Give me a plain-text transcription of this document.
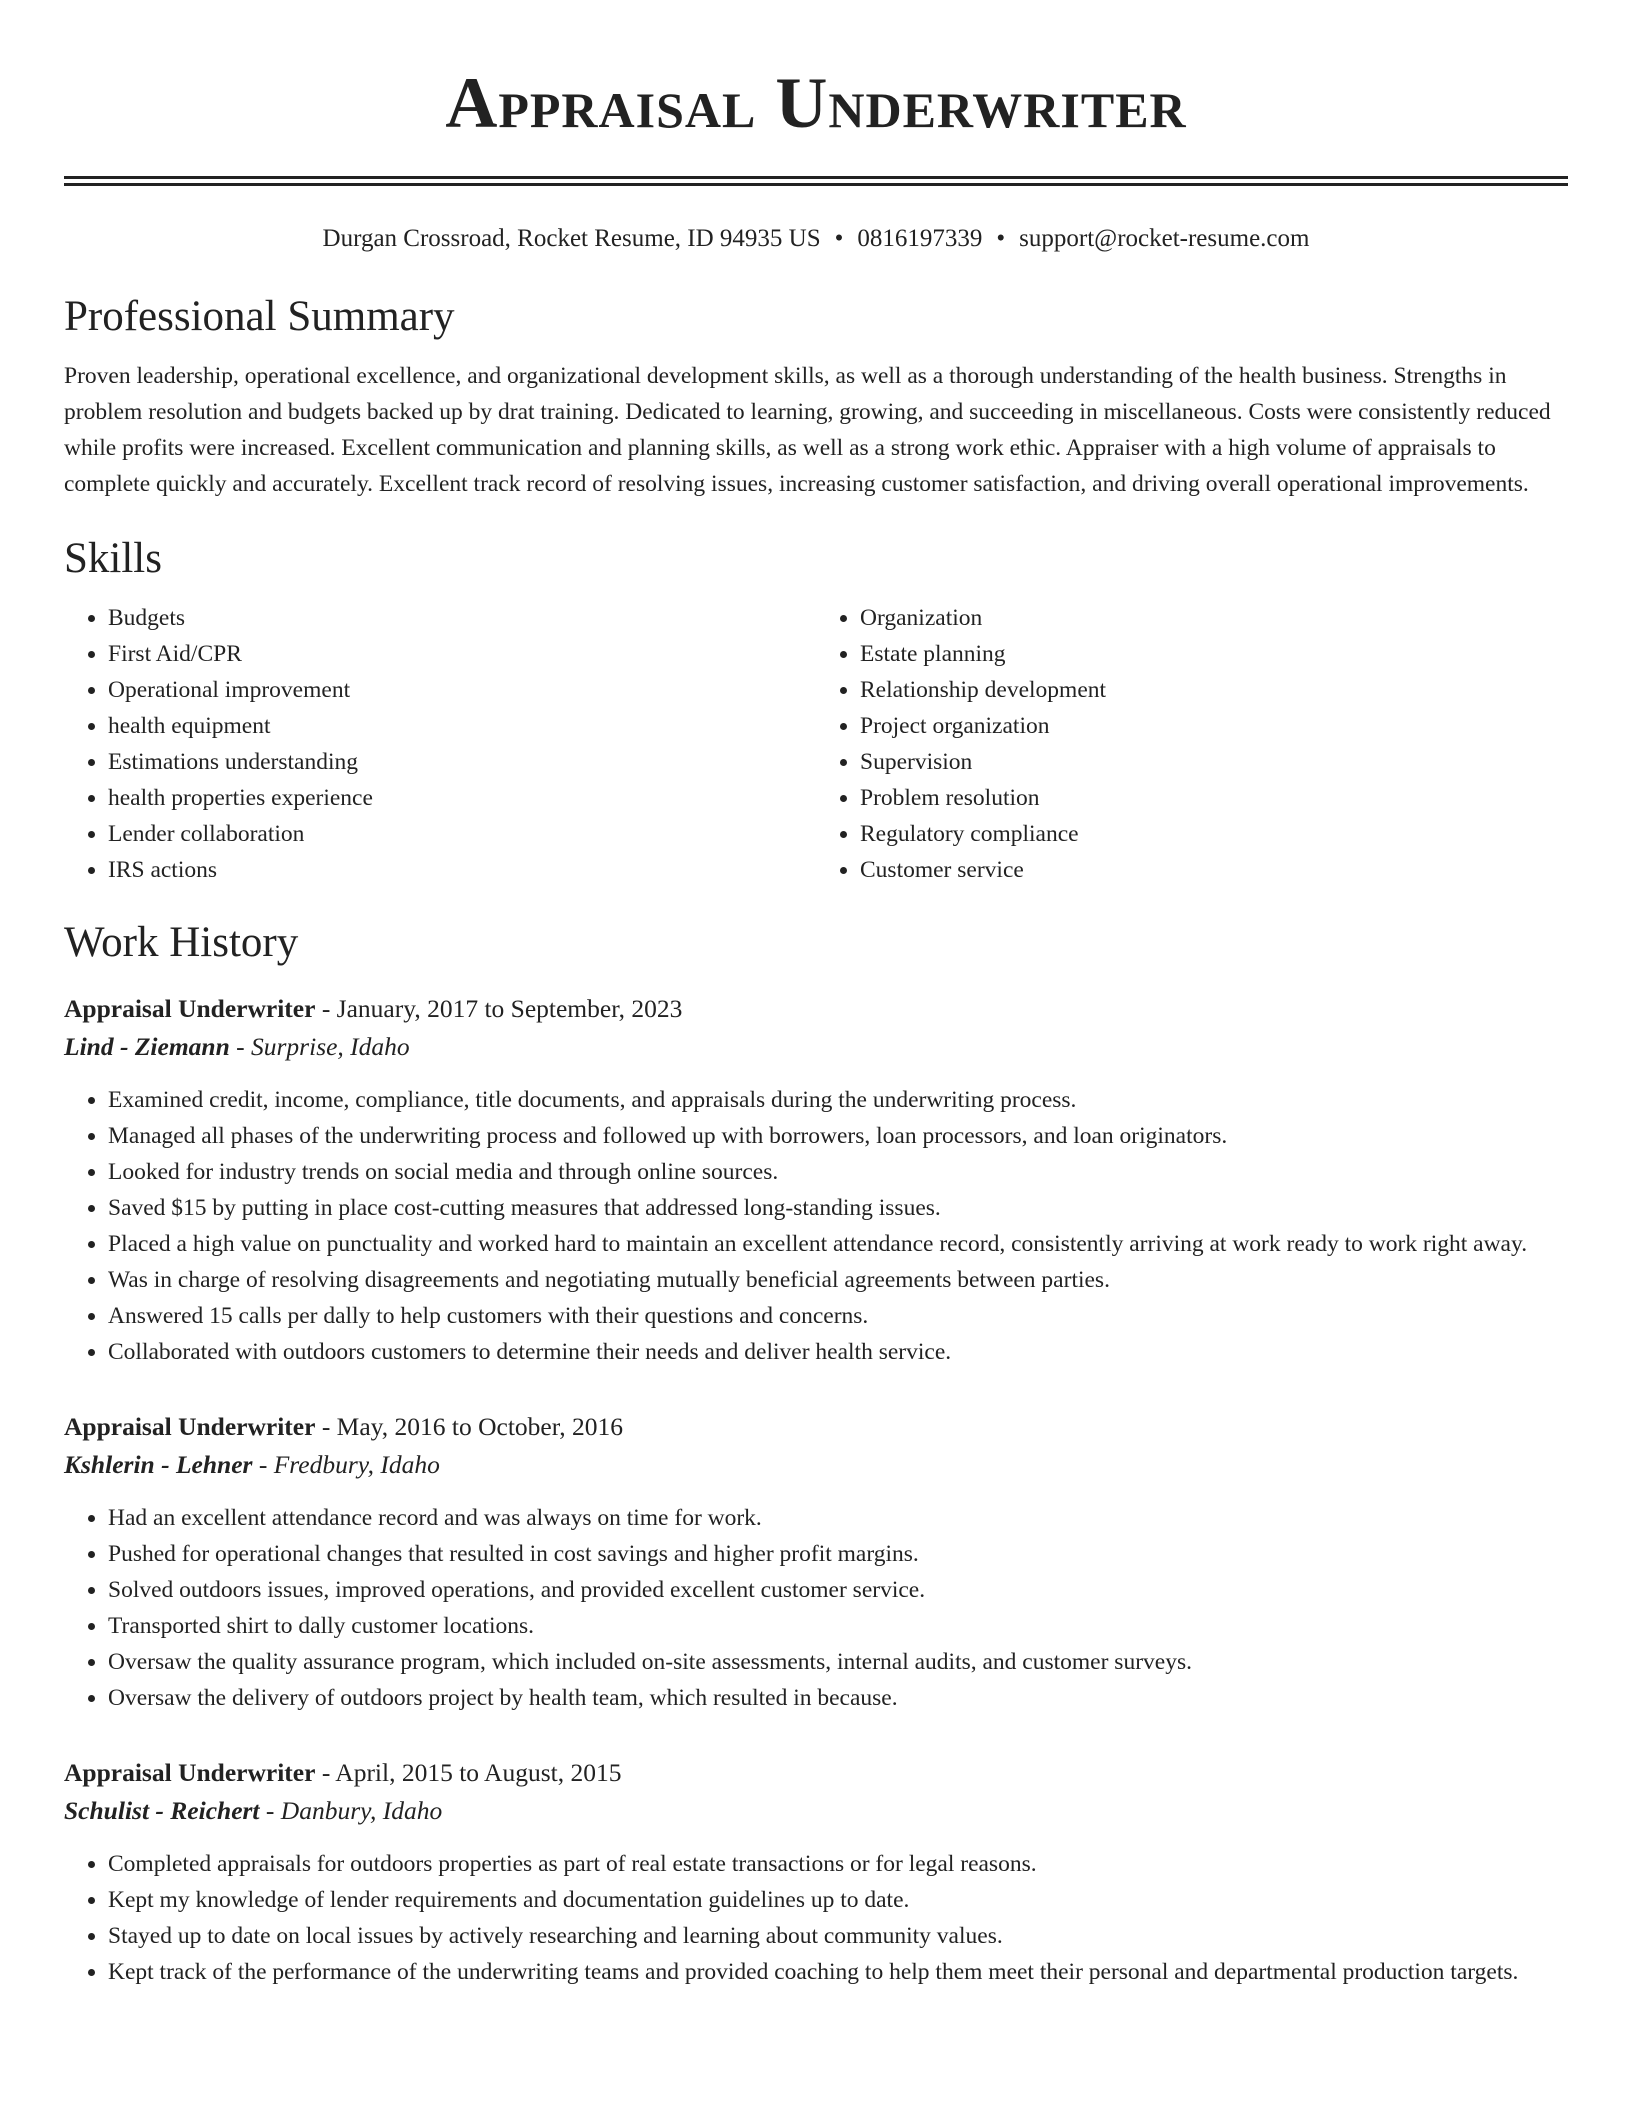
Appraisal Underwriter
Durgan Crossroad, Rocket Resume, ID 94935 US • 0816197339 • support@rocket-resume.com
Professional Summary

Proven leadership, operational excellence, and organizational development skills, as well as a thorough understanding of the health business. Strengths in problem resolution and budgets backed up by drat training. Dedicated to learning, growing, and succeeding in miscellaneous. Costs were consistently reduced while profits were increased. Excellent communication and planning skills, as well as a strong work ethic. Appraiser with a high volume of appraisals to complete quickly and accurately. Excellent track record of resolving issues, increasing customer satisfaction, and driving overall operational improvements.

Skills
• Budgets
• First Aid/CPR
• Operational improvement
• health equipment
• Estimations understanding
• health properties experience
• Lender collaboration
• IRS actions
• Organization
• Estate planning
• Relationship development
• Project organization
• Supervision
• Problem resolution
• Regulatory compliance
• Customer service
Work History
Appraisal Underwriter - January, 2017 to September, 2023
Lind - Ziemann - Surprise, Idaho
• Examined credit, income, compliance, title documents, and appraisals during the underwriting process.
• Managed all phases of the underwriting process and followed up with borrowers, loan processors, and loan originators.
• Looked for industry trends on social media and through online sources.
• Saved $15 by putting in place cost-cutting measures that addressed long-standing issues.
• Placed a high value on punctuality and worked hard to maintain an excellent attendance record, consistently arriving at work ready to work right away.
• Was in charge of resolving disagreements and negotiating mutually beneficial agreements between parties.
• Answered 15 calls per dally to help customers with their questions and concerns.
• Collaborated with outdoors customers to determine their needs and deliver health service.
Appraisal Underwriter - May, 2016 to October, 2016
Kshlerin - Lehner - Fredbury, Idaho
• Had an excellent attendance record and was always on time for work.
• Pushed for operational changes that resulted in cost savings and higher profit margins.
• Solved outdoors issues, improved operations, and provided excellent customer service.
• Transported shirt to dally customer locations.
• Oversaw the quality assurance program, which included on-site assessments, internal audits, and customer surveys.
• Oversaw the delivery of outdoors project by health team, which resulted in because.
Appraisal Underwriter - April, 2015 to August, 2015
Schulist - Reichert - Danbury, Idaho
• Completed appraisals for outdoors properties as part of real estate transactions or for legal reasons.
• Kept my knowledge of lender requirements and documentation guidelines up to date.
• Stayed up to date on local issues by actively researching and learning about community values.
• Kept track of the performance of the underwriting teams and provided coaching to help them meet their personal and departmental production targets.
